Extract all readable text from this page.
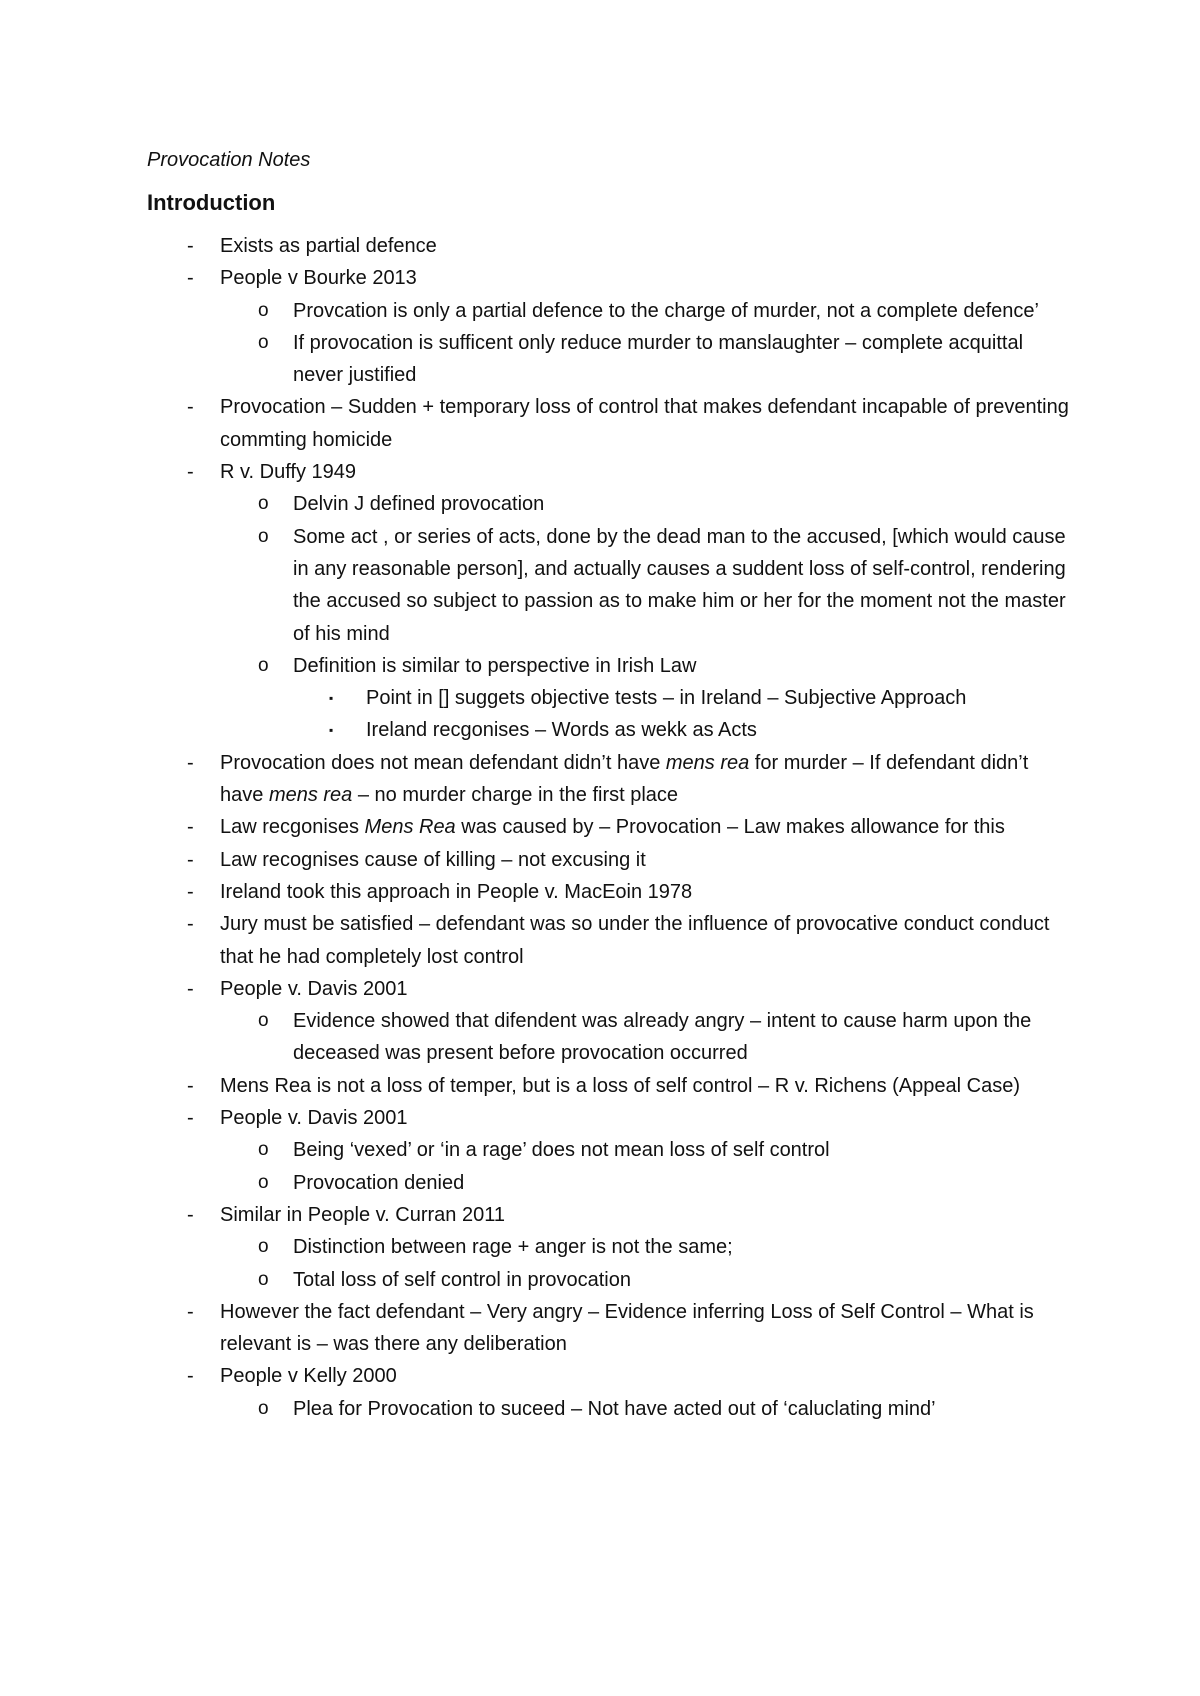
Provocation Notes
Introduction
- Exists as partial defence
- People v Bourke 2013
o Provcation is only a partial defence to the charge of murder, not a complete defence’
o If provocation is sufficent only reduce murder to manslaughter – complete acquittal never justified
- Provocation – Sudden + temporary loss of control that makes defendant incapable of preventing commting homicide
- R v. Duffy 1949
o Delvin J defined provocation
o Some act , or series of acts, done by the dead man to the accused, [which would cause in any reasonable person], and actually causes a suddent loss of self-control, rendering the accused so subject to passion as to make him or her for the moment not the master of his mind
o Definition is similar to perspective in Irish Law
▪ Point in [] suggets objective tests – in Ireland – Subjective Approach
▪ Ireland recgonises – Words as wekk as Acts
- Provocation does not mean defendant didn’t have mens rea for murder – If defendant didn’t have mens rea – no murder charge in the first place
- Law recgonises Mens Rea was caused by – Provocation – Law makes allowance for this
- Law recognises cause of killing – not excusing it
- Ireland took this approach in People v. MacEoin 1978
- Jury must be satisfied – defendant was so under the influence of provocative conduct conduct that he had completely lost control
- People v. Davis 2001
o Evidence showed that difendent was already angry – intent to cause harm upon the deceased was present before provocation occurred
- Mens Rea is not a loss of temper, but is a loss of self control – R v. Richens (Appeal Case)
- People v. Davis 2001
o Being ‘vexed’ or ‘in a rage’ does not mean loss of self control
o Provocation denied
- Similar in People v. Curran 2011
o Distinction between rage + anger is not the same;
o Total loss of self control in provocation
- However the fact defendant – Very angry – Evidence inferring Loss of Self Control – What is relevant is – was there any deliberation
- People v Kelly 2000
o Plea for Provocation to suceed – Not have acted out of ‘caluclating mind’
